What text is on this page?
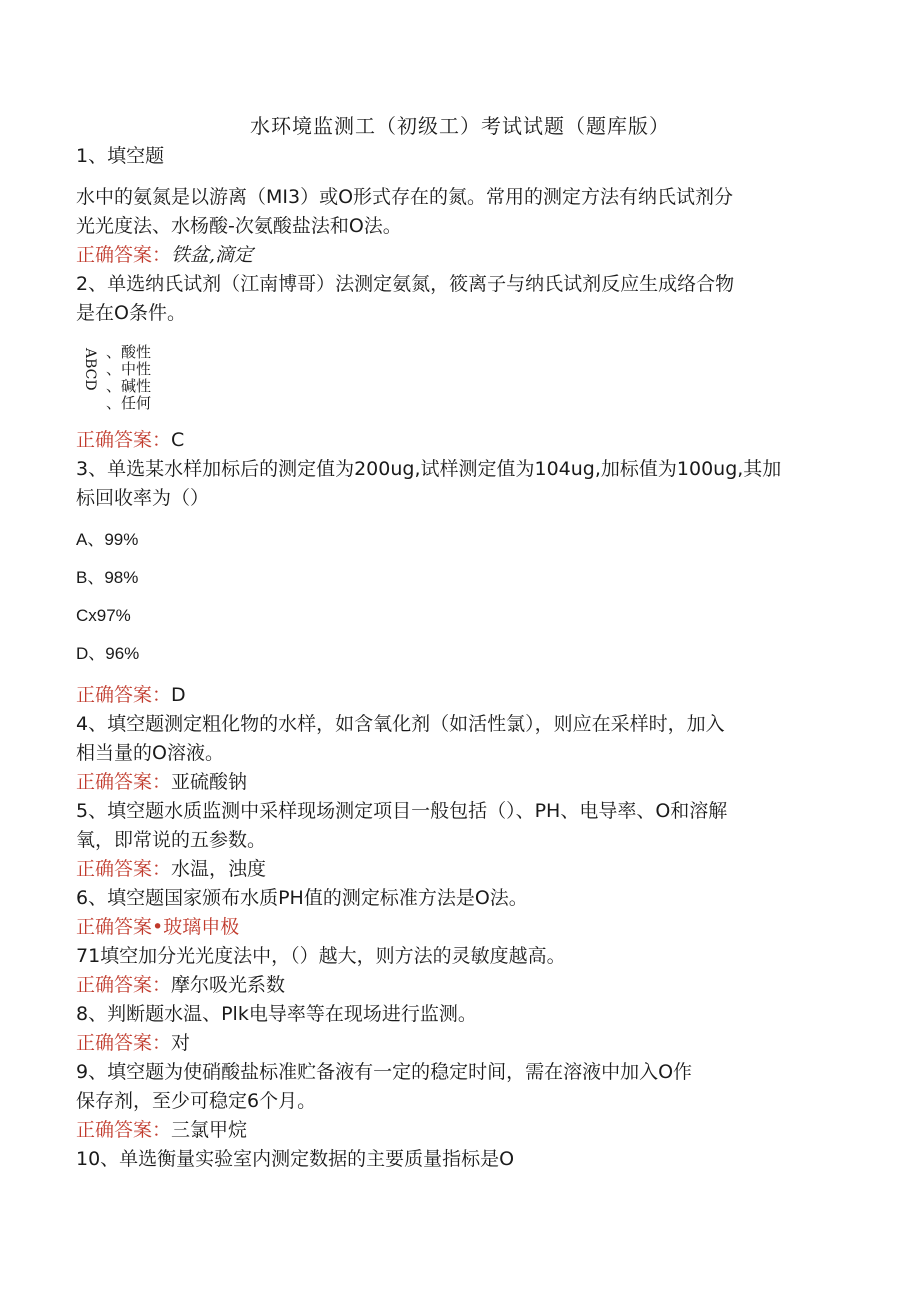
水环境监测工（初级工）考试试题（题库版）

1、填空题

水中的氨氮是以游离（MI3）或O形式存在的氮。常用的测定方法有纳氏试剂分

光光度法、水杨酸-次氨酸盐法和O法。

正确答案：铁盆,滴定

2、单选纳氏试剂（江南博哥）法测定氨氮，筱离子与纳氏试剂反应生成络合物

是在O条件。

ABCD 、酸性
、中性
、碱性
、任何

正确答案：C

3、单选某水样加标后的测定值为200ug,试样测定值为104ug,加标值为100ug,其加

标回收率为（）

A、99%

B、98%

Cx97%

D、96%

正确答案：D

4、填空题测定粗化物的水样，如含氧化剂（如活性氯），则应在采样时，加入

相当量的O溶液。

正确答案：亚硫酸钠

5、填空题水质监测中采样现场测定项目一般包括（）、PH、电导率、O和溶解

氧，即常说的五参数。

正确答案：水温，浊度

6、填空题国家颁布水质PH值的测定标准方法是O法。

正确答案•玻璃申极

71填空加分光光度法中，（）越大，则方法的灵敏度越高。

正确答案：摩尔吸光系数

8、判断题水温、Plk电导率等在现场进行监测。

正确答案：对

9、填空题为使硝酸盐标准贮备液有一定的稳定时间，需在溶液中加入O作

保存剂，至少可稳定6个月。

正确答案：三氯甲烷

10、单选衡量实验室内测定数据的主要质量指标是O
